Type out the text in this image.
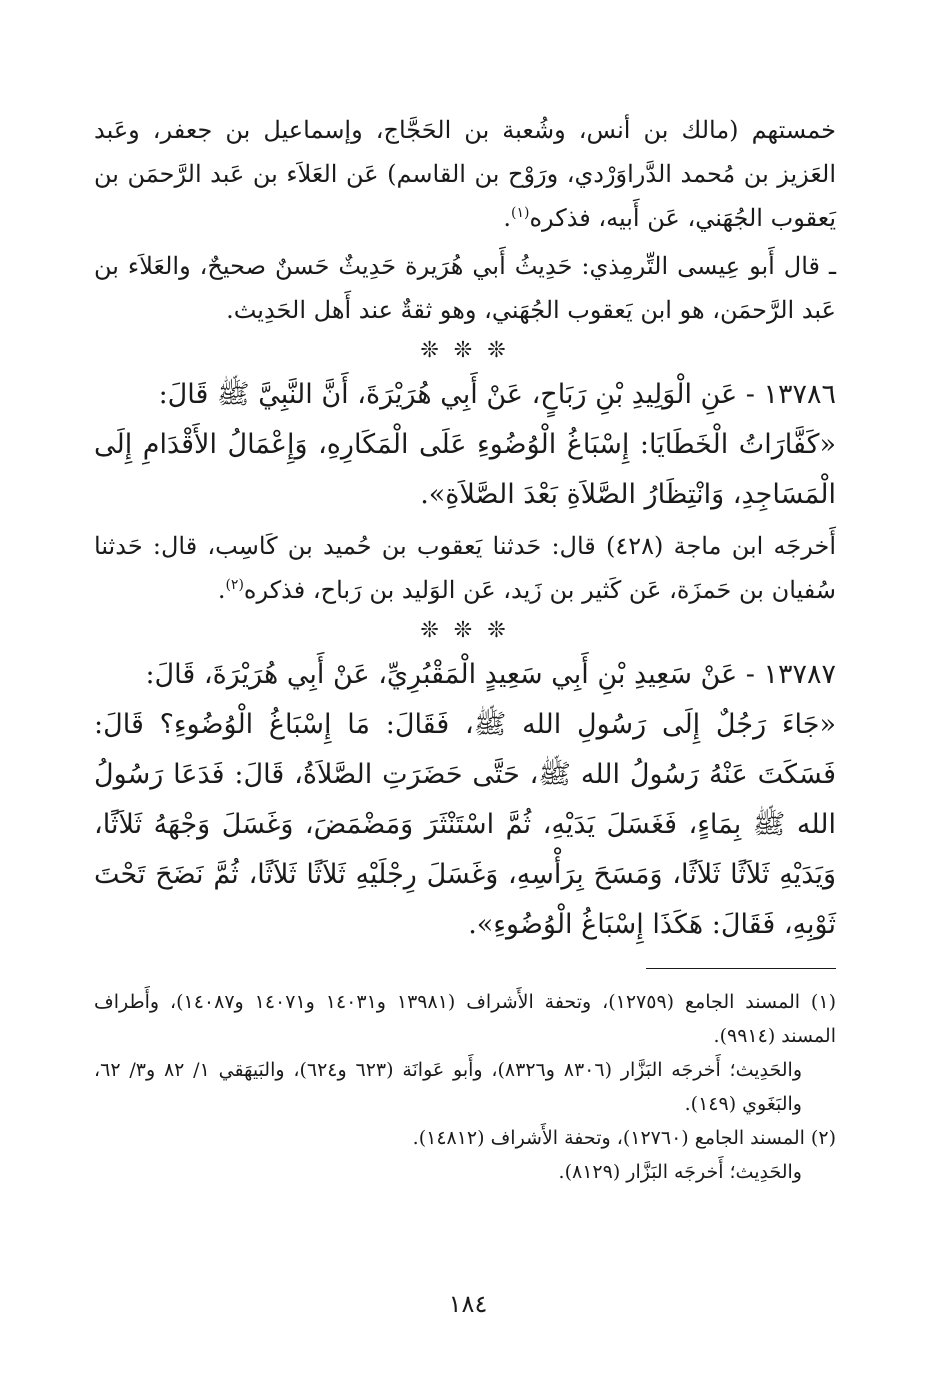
خمستهم (مالك بن أنس، وشُعبة بن الحَجَّاج، وإسماعيل بن جعفر، وعَبد العَزيز بن مُحمد الدَّراوَرْدي، ورَوْح بن القاسم) عَن العَلاَء بن عَبد الرَّحمَن بن يَعقوب الجُهَني، عَن أَبيه، فذكره$^{(١)}$.

ـ قال أَبو عِيسى التِّرمِذي: حَدِيثُ أَبي هُرَيرة حَدِيثٌ حَسنٌ صحيحٌ، والعَلاَء بن عَبد الرَّحمَن، هو ابن يَعقوب الجُهَني، وهو ثقةٌ عند أَهل الحَدِيث.

❊ ❊ ❊

١٣٧٨٦ - عَنِ الْوَلِيدِ بْنِ رَبَاحٍ، عَنْ أَبِي هُرَيْرَةَ، أَنَّ النَّبِيَّ ﷺ قَالَ:

«كَفَّارَاتُ الْخَطَايَا: إِسْبَاغُ الْوُضُوءِ عَلَى الْمَكَارِهِ، وَإِعْمَالُ الأَقْدَامِ إِلَى الْمَسَاجِدِ، وَانْتِظَارُ الصَّلاَةِ بَعْدَ الصَّلاَةِ».

أَخرجَه ابن ماجة (٤٢٨) قال: حَدثنا يَعقوب بن حُميد بن كَاسِب، قال: حَدثنا سُفيان بن حَمزَة، عَن كَثير بن زَيد، عَن الوَليد بن رَباح، فذكره$^{(٢)}$.

❊ ❊ ❊

١٣٧٨٧ - عَنْ سَعِيدِ بْنِ أَبِي سَعِيدٍ الْمَقْبُرِيِّ، عَنْ أَبِي هُرَيْرَةَ، قَالَ:

«جَاءَ رَجُلٌ إِلَى رَسُولِ الله ﷺ، فَقَالَ: مَا إِسْبَاغُ الْوُضُوءِ؟ قَالَ: فَسَكَتَ عَنْهُ رَسُولُ الله ﷺ، حَتَّى حَضَرَتِ الصَّلاَةُ، قَالَ: فَدَعَا رَسُولُ الله ﷺ بِمَاءٍ، فَغَسَلَ يَدَيْهِ، ثُمَّ اسْتَنْثَرَ وَمَضْمَضَ، وَغَسَلَ وَجْهَهُ ثَلاَثًا، وَيَدَيْهِ ثَلاَثًا ثَلاَثًا، وَمَسَحَ بِرَأْسِهِ، وَغَسَلَ رِجْلَيْهِ ثَلاَثًا ثَلاَثًا، ثُمَّ نَضَحَ تَحْتَ ثَوْبِهِ، فَقَالَ: هَكَذَا إِسْبَاغُ الْوُضُوءِ».

(١) المسند الجامع (١٢٧٥٩)، وتحفة الأَشراف (١٣٩٨١ و١٤٠٣١ و١٤٠٧١ و١٤٠٨٧)، وأَطراف المسند (٩٩١٤).

والحَدِيث؛ أَخرجَه البَزَّار (٨٣٠٦ و٨٣٢٦)، وأَبو عَوانَة (٦٢٣ و٦٢٤)، والبَيهَقي ١/ ٨٢ و٣/ ٦٢، والبَغَوي (١٤٩).

(٢) المسند الجامع (١٢٧٦٠)، وتحفة الأَشراف (١٤٨١٢).

والحَدِيث؛ أَخرجَه البَزَّار (٨١٢٩).

١٨٤
